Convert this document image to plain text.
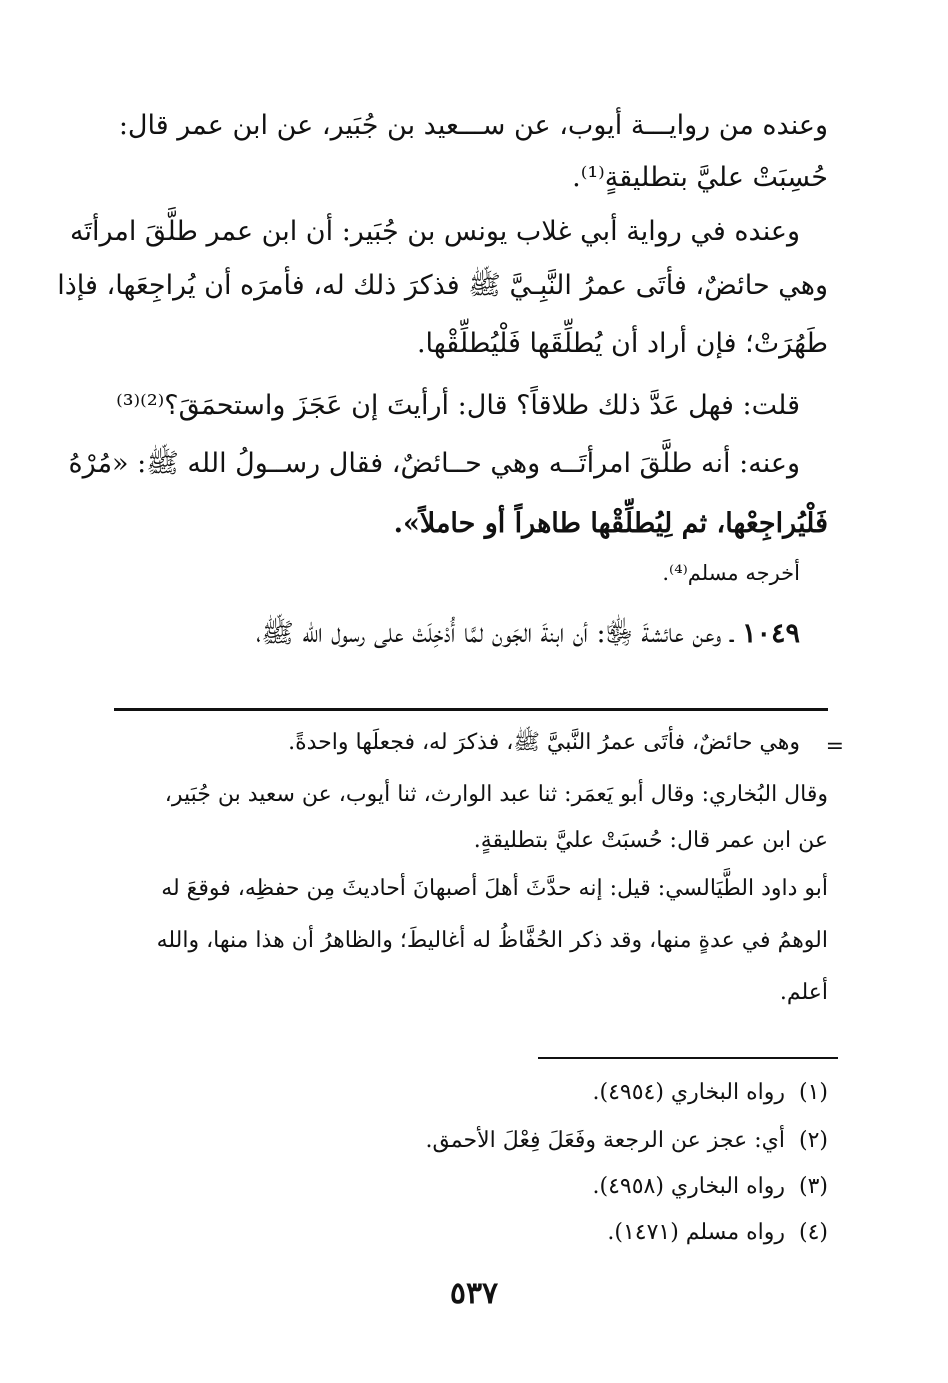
وعنده من روايـــة أيوب، عن ســـعيد بن جُبَير، عن ابن عمر قال:
حُسِبَتْ عليَّ بتطليقةٍ⁽¹⁾.
وعنده في رواية أبي غلاب يونس بن جُبَير: أن ابن عمر طلَّقَ امرأتَه
وهي حائضٌ، فأتَى عمرُ النَّبِـيَّ ﷺ فذكرَ ذلك له، فأمرَه أن يُراجِعَها، فإذا
طَهُرَتْ؛ فإن أراد أن يُطلِّقَها فَلْيُطلِّقْها.
قلت: فهل عَدَّ ذلك طلاقاً؟ قال: أرأيتَ إن عَجَزَ واستحمَقَ؟⁽²⁾⁽³⁾
وعنه: أنه طلَّقَ امرأتَــه وهي حــائضٌ، فقال رســولُ الله ﷺ: «مُرْهُ
فَلْيُراجِعْها، ثم لِيُطلِّقْها طاهراً أو حاملاً».
أخرجه مسلم⁽⁴⁾.
١٠٤٩ ـ وعن عائشةَ ﵂: أن ابنةَ الجَون لمَّا أُدْخِلَتْ على رسول الله ﷺ،
=
وهي حائضٌ، فأتَى عمرُ النَّبيَّ ﷺ، فذكرَ له، فجعلَها واحدةً.
وقال البُخاري: وقال أبو يَعمَر: ثنا عبد الوارث، ثنا أيوب، عن سعيد بن جُبَير،
عن ابن عمر قال: حُسبَتْ عليَّ بتطليقةٍ.
أبو داود الطَّيَالسي: قيل: إنه حدَّثَ أهلَ أصبهانَ أحاديثَ مِن حفظِه، فوقعَ له
الوهمُ في عدةٍ منها، وقد ذكر الحُفَّاظُ له أغاليطَ؛ والظاهرُ أن هذا منها، والله
أعلم.
(١) رواه البخاري (٤٩٥٤).
(٢) أي: عجز عن الرجعة وفَعَلَ فِعْلَ الأحمق.
(٣) رواه البخاري (٤٩٥٨).
(٤) رواه مسلم (١٤٧١).
٥٣٧
